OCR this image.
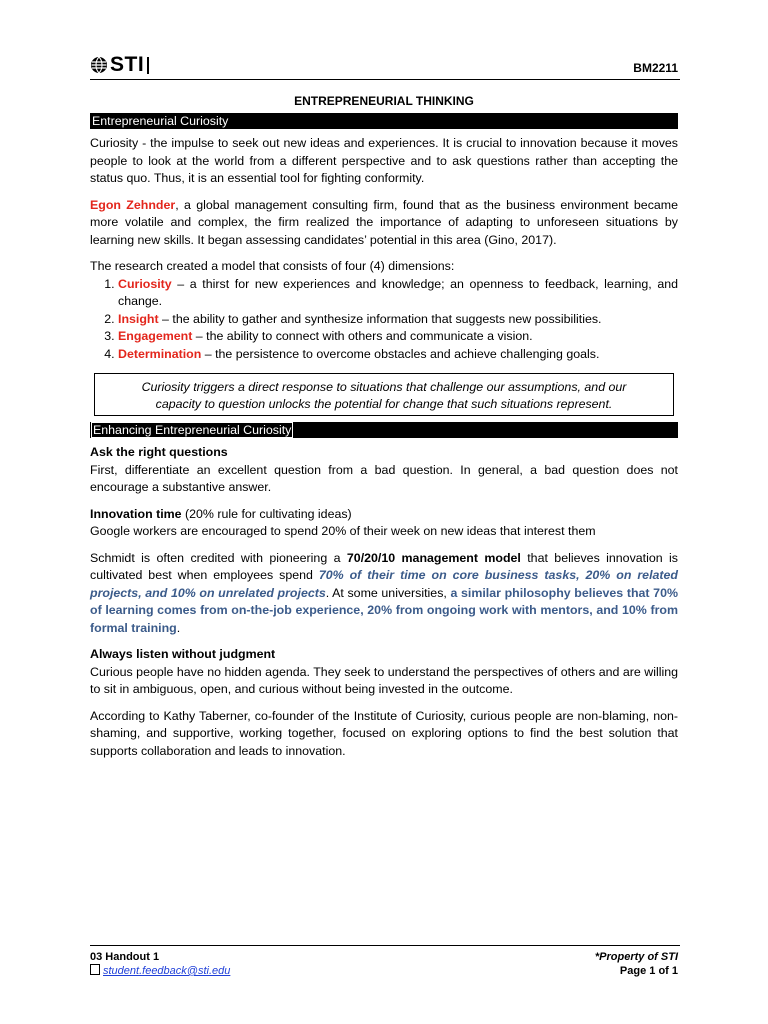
STI	BM2211
ENTREPRENEURIAL THINKING
Entrepreneurial Curiosity

Curiosity - the impulse to seek out new ideas and experiences. It is crucial to innovation because it moves people to look at the world from a different perspective and to ask questions rather than accepting the status quo. Thus, it is an essential tool for fighting conformity.

Egon Zehnder, a global management consulting firm, found that as the business environment became more volatile and complex, the firm realized the importance of adapting to unforeseen situations by learning new skills. It began assessing candidates’ potential in this area (Gino, 2017).

The research created a model that consists of four (4) dimensions:

1. Curiosity – a thirst for new experiences and knowledge; an openness to feedback, learning, and change.
2. Insight – the ability to gather and synthesize information that suggests new possibilities.
3. Engagement – the ability to connect with others and communicate a vision.
4. Determination – the persistence to overcome obstacles and achieve challenging goals.
Curiosity triggers a direct response to situations that challenge our assumptions, and our capacity to question unlocks the potential for change that such situations represent.
Enhancing Entrepreneurial Curiosity

Ask the right questions
First, differentiate an excellent question from a bad question. In general, a bad question does not encourage a substantive answer.

Innovation time (20% rule for cultivating ideas)
Google workers are encouraged to spend 20% of their week on new ideas that interest them

Schmidt is often credited with pioneering a 70/20/10 management model that believes innovation is cultivated best when employees spend 70% of their time on core business tasks, 20% on related projects, and 10% on unrelated projects. At some universities, a similar philosophy believes that 70% of learning comes from on-the-job experience, 20% from ongoing work with mentors, and 10% from formal training.

Always listen without judgment
Curious people have no hidden agenda. They seek to understand the perspectives of others and are willing to sit in ambiguous, open, and curious without being invested in the outcome.

According to Kathy Taberner, co-founder of the Institute of Curiosity, curious people are non-blaming, non-shaming, and supportive, working together, focused on exploring options to find the best solution that supports collaboration and leads to innovation.

03 Handout 1
student.feedback@sti.edu
*Property of STI
Page 1 of 1
